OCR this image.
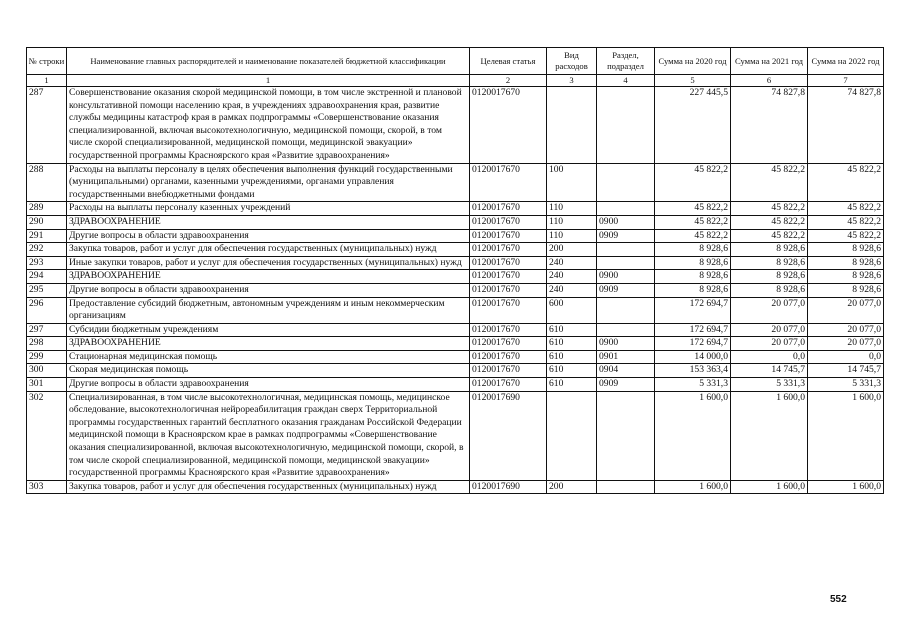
№ строки	Наименование главных распорядителей и наименование показателей бюджетной классификации	Целевая статья	Вид расходов	Раздел, подраздел	Сумма на 2020 год	Сумма на 2021 год	Сумма на 2022 год
1	1	2	3	4	5	6	7
287	Совершенствование оказания скорой медицинской помощи, в том числе экстренной и плановой консультативной помощи населению края, в учреждениях здравоохранения края, развитие службы медицины катастроф края в рамках подпрограммы «Совершенствование оказания специализированной, включая высокотехнологичную, медицинской помощи, скорой, в том числе скорой специализированной, медицинской помощи, медицинской эвакуации» государственной программы Красноярского края «Развитие здравоохранения»	0120017670			227 445,5	74 827,8	74 827,8
288	Расходы на выплаты персоналу в целях обеспечения выполнения функций государственными (муниципальными) органами, казенными учреждениями, органами управления государственными внебюджетными фондами	0120017670	100		45 822,2	45 822,2	45 822,2
289	Расходы на выплаты персоналу казенных учреждений	0120017670	110		45 822,2	45 822,2	45 822,2
290	ЗДРАВООХРАНЕНИЕ	0120017670	110	0900	45 822,2	45 822,2	45 822,2
291	Другие вопросы в области здравоохранения	0120017670	110	0909	45 822,2	45 822,2	45 822,2
292	Закупка товаров, работ и услуг для обеспечения государственных (муниципальных) нужд	0120017670	200		8 928,6	8 928,6	8 928,6
293	Иные закупки товаров, работ и услуг для обеспечения государственных (муниципальных) нужд	0120017670	240		8 928,6	8 928,6	8 928,6
294	ЗДРАВООХРАНЕНИЕ	0120017670	240	0900	8 928,6	8 928,6	8 928,6
295	Другие вопросы в области здравоохранения	0120017670	240	0909	8 928,6	8 928,6	8 928,6
296	Предоставление субсидий бюджетным, автономным учреждениям и иным некоммерческим организациям	0120017670	600		172 694,7	20 077,0	20 077,0
297	Субсидии бюджетным учреждениям	0120017670	610		172 694,7	20 077,0	20 077,0
298	ЗДРАВООХРАНЕНИЕ	0120017670	610	0900	172 694,7	20 077,0	20 077,0
299	Стационарная медицинская помощь	0120017670	610	0901	14 000,0	0,0	0,0
300	Скорая медицинская помощь	0120017670	610	0904	153 363,4	14 745,7	14 745,7
301	Другие вопросы в области здравоохранения	0120017670	610	0909	5 331,3	5 331,3	5 331,3
302	Специализированная, в том числе высокотехнологичная, медицинская помощь, медицинское обследование, высокотехнологичная нейрореабилитация граждан сверх Территориальной программы государственных гарантий бесплатного оказания гражданам Российской Федерации медицинской помощи в Красноярском крае в рамках подпрограммы «Совершенствование оказания специализированной, включая высокотехнологичную, медицинской помощи, скорой, в том числе скорой специализированной, медицинской помощи, медицинской эвакуации» государственной программы Красноярского края «Развитие здравоохранения»	0120017690			1 600,0	1 600,0	1 600,0
303	Закупка товаров, работ и услуг для обеспечения государственных (муниципальных) нужд	0120017690	200		1 600,0	1 600,0	1 600,0
552
